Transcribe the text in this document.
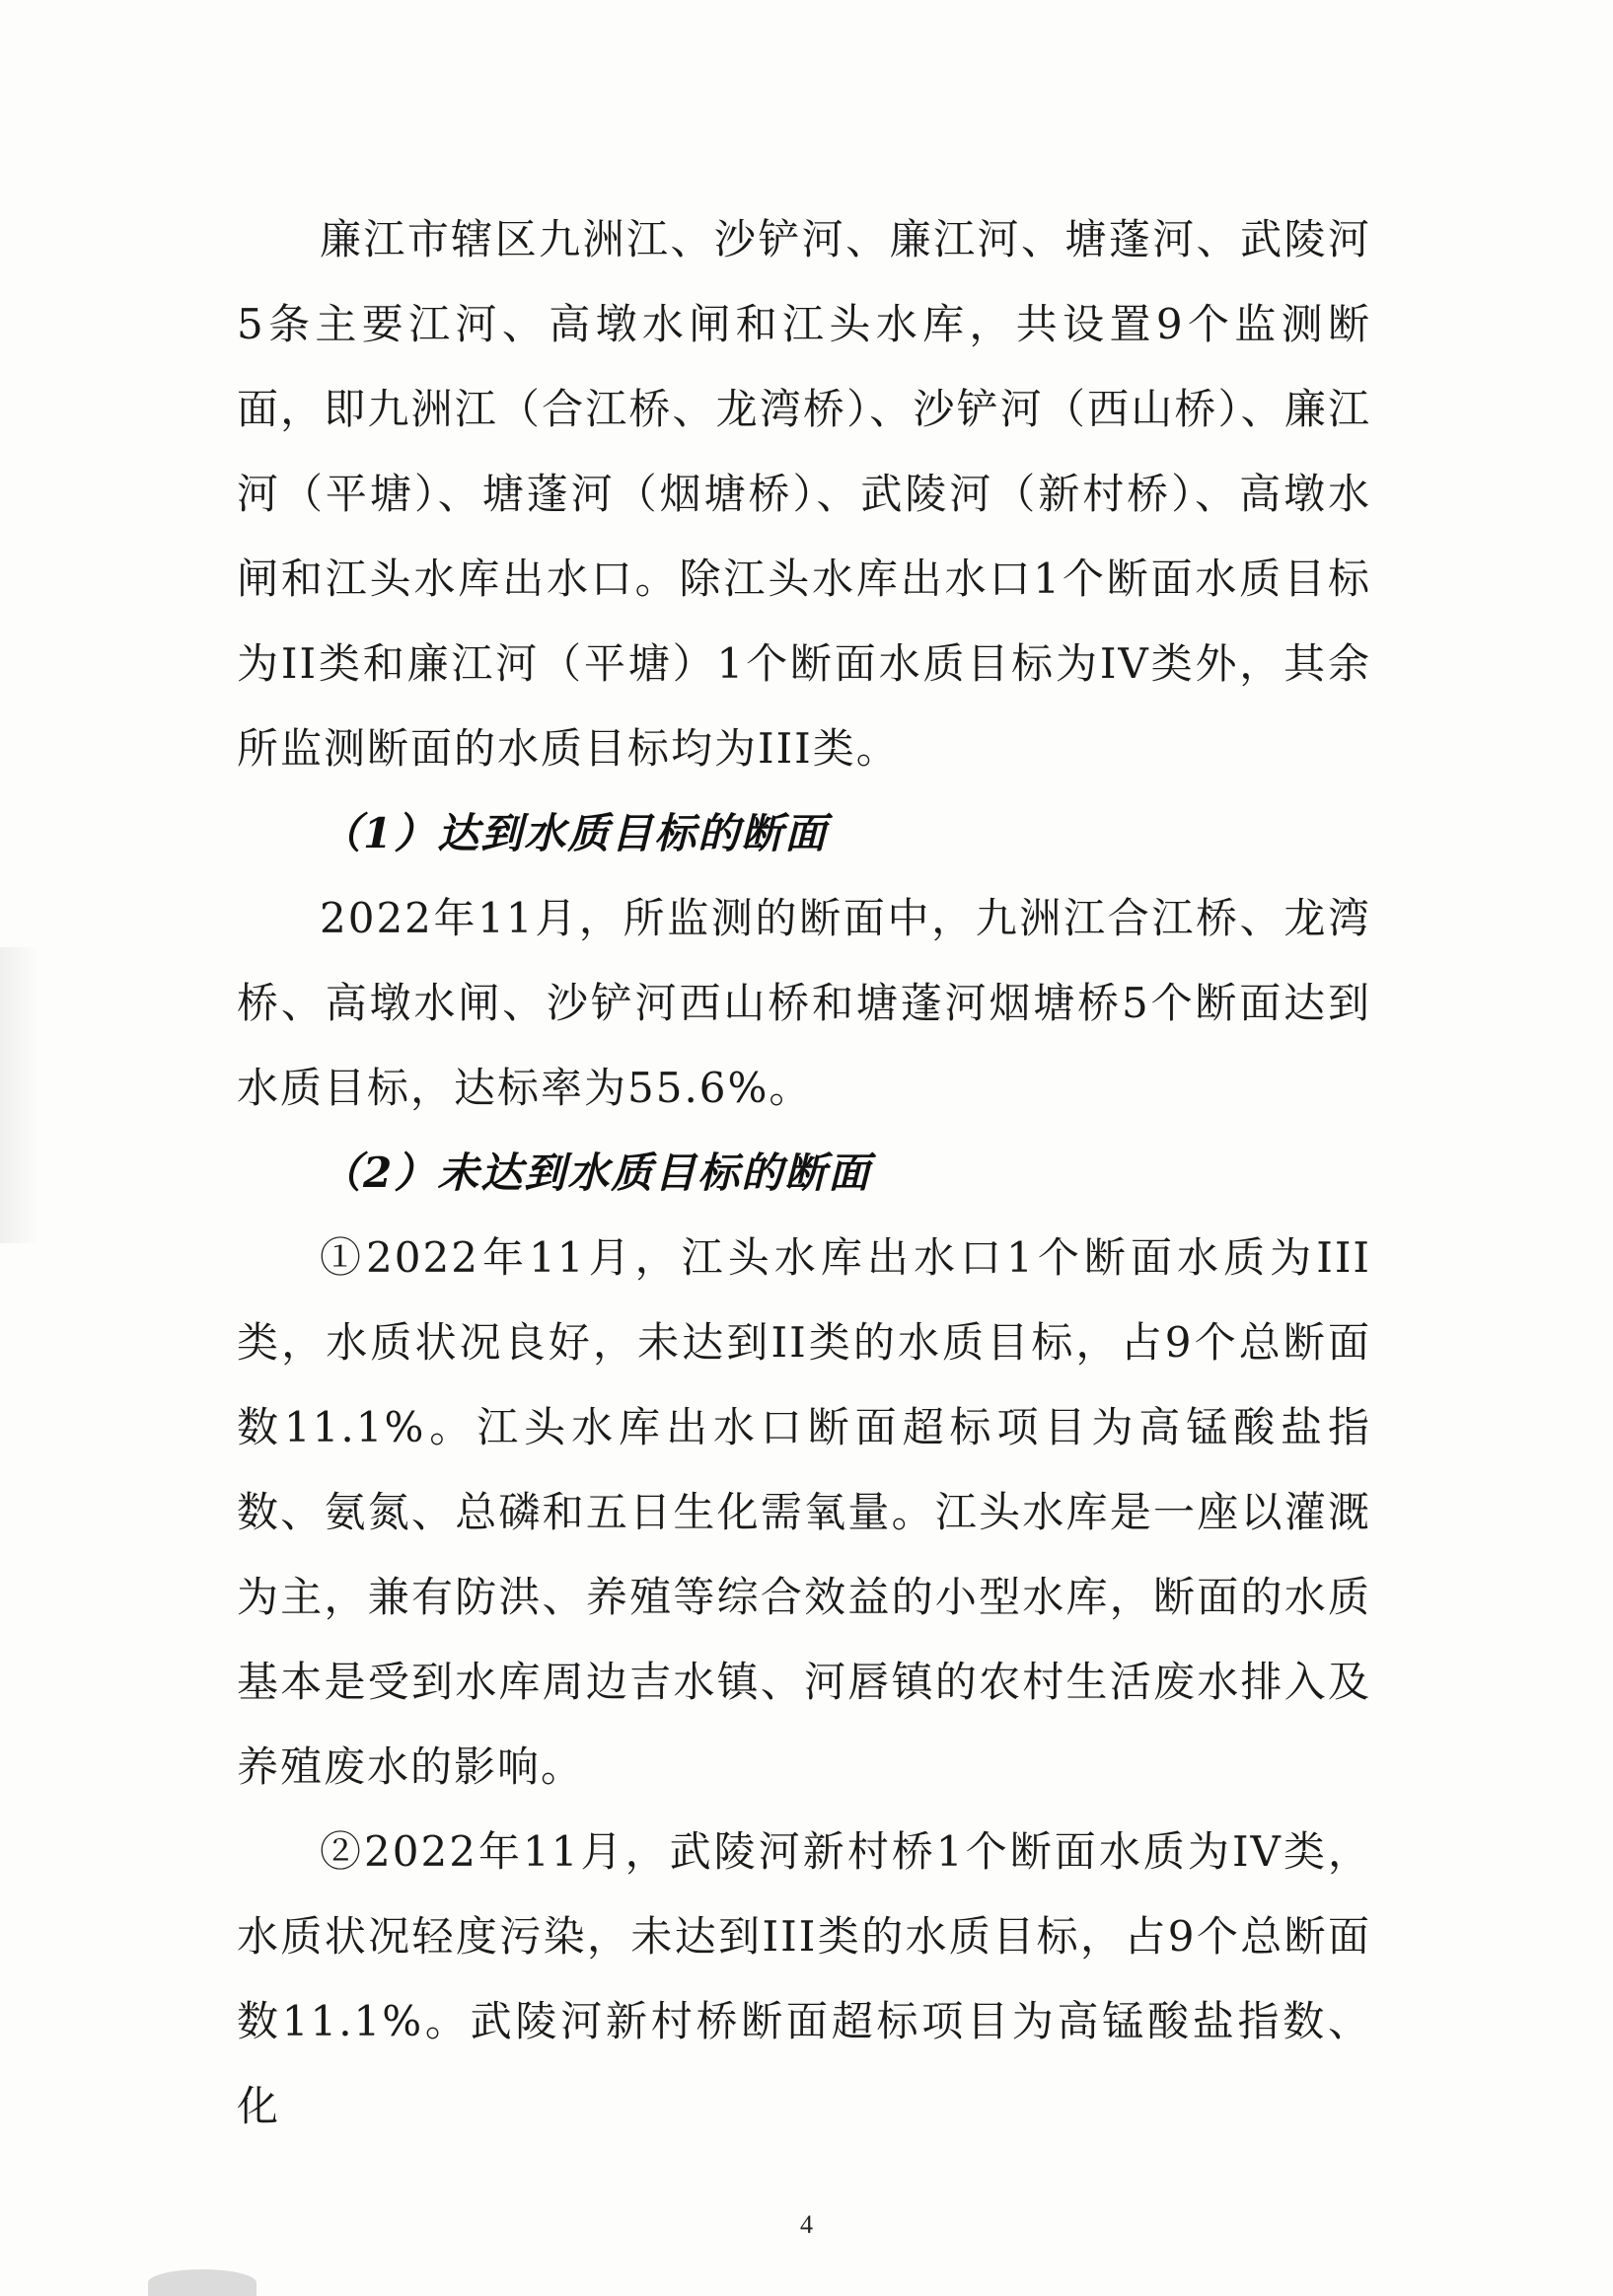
廉江市辖区九洲江、沙铲河、廉江河、塘蓬河、武陵河5条主要江河、高墩水闸和江头水库，共设置9个监测断面，即九洲江（合江桥、龙湾桥）、沙铲河（西山桥）、廉江河（平塘）、塘蓬河（烟塘桥）、武陵河（新村桥）、高墩水闸和江头水库出水口。除江头水库出水口1个断面水质目标为II类和廉江河（平塘）1个断面水质目标为IV类外，其余所监测断面的水质目标均为III类。

（1）达到水质目标的断面

2022年11月，所监测的断面中，九洲江合江桥、龙湾桥、高墩水闸、沙铲河西山桥和塘蓬河烟塘桥5个断面达到水质目标，达标率为55.6%。

（2）未达到水质目标的断面

①2022年11月，江头水库出水口1个断面水质为III类，水质状况良好，未达到II类的水质目标，占9个总断面数11.1%。江头水库出水口断面超标项目为高锰酸盐指数、氨氮、总磷和五日生化需氧量。江头水库是一座以灌溉为主，兼有防洪、养殖等综合效益的小型水库，断面的水质基本是受到水库周边吉水镇、河唇镇的农村生活废水排入及养殖废水的影响。

②2022年11月，武陵河新村桥1个断面水质为IV类，水质状况轻度污染，未达到III类的水质目标，占9个总断面数11.1%。武陵河新村桥断面超标项目为高锰酸盐指数、化

4
